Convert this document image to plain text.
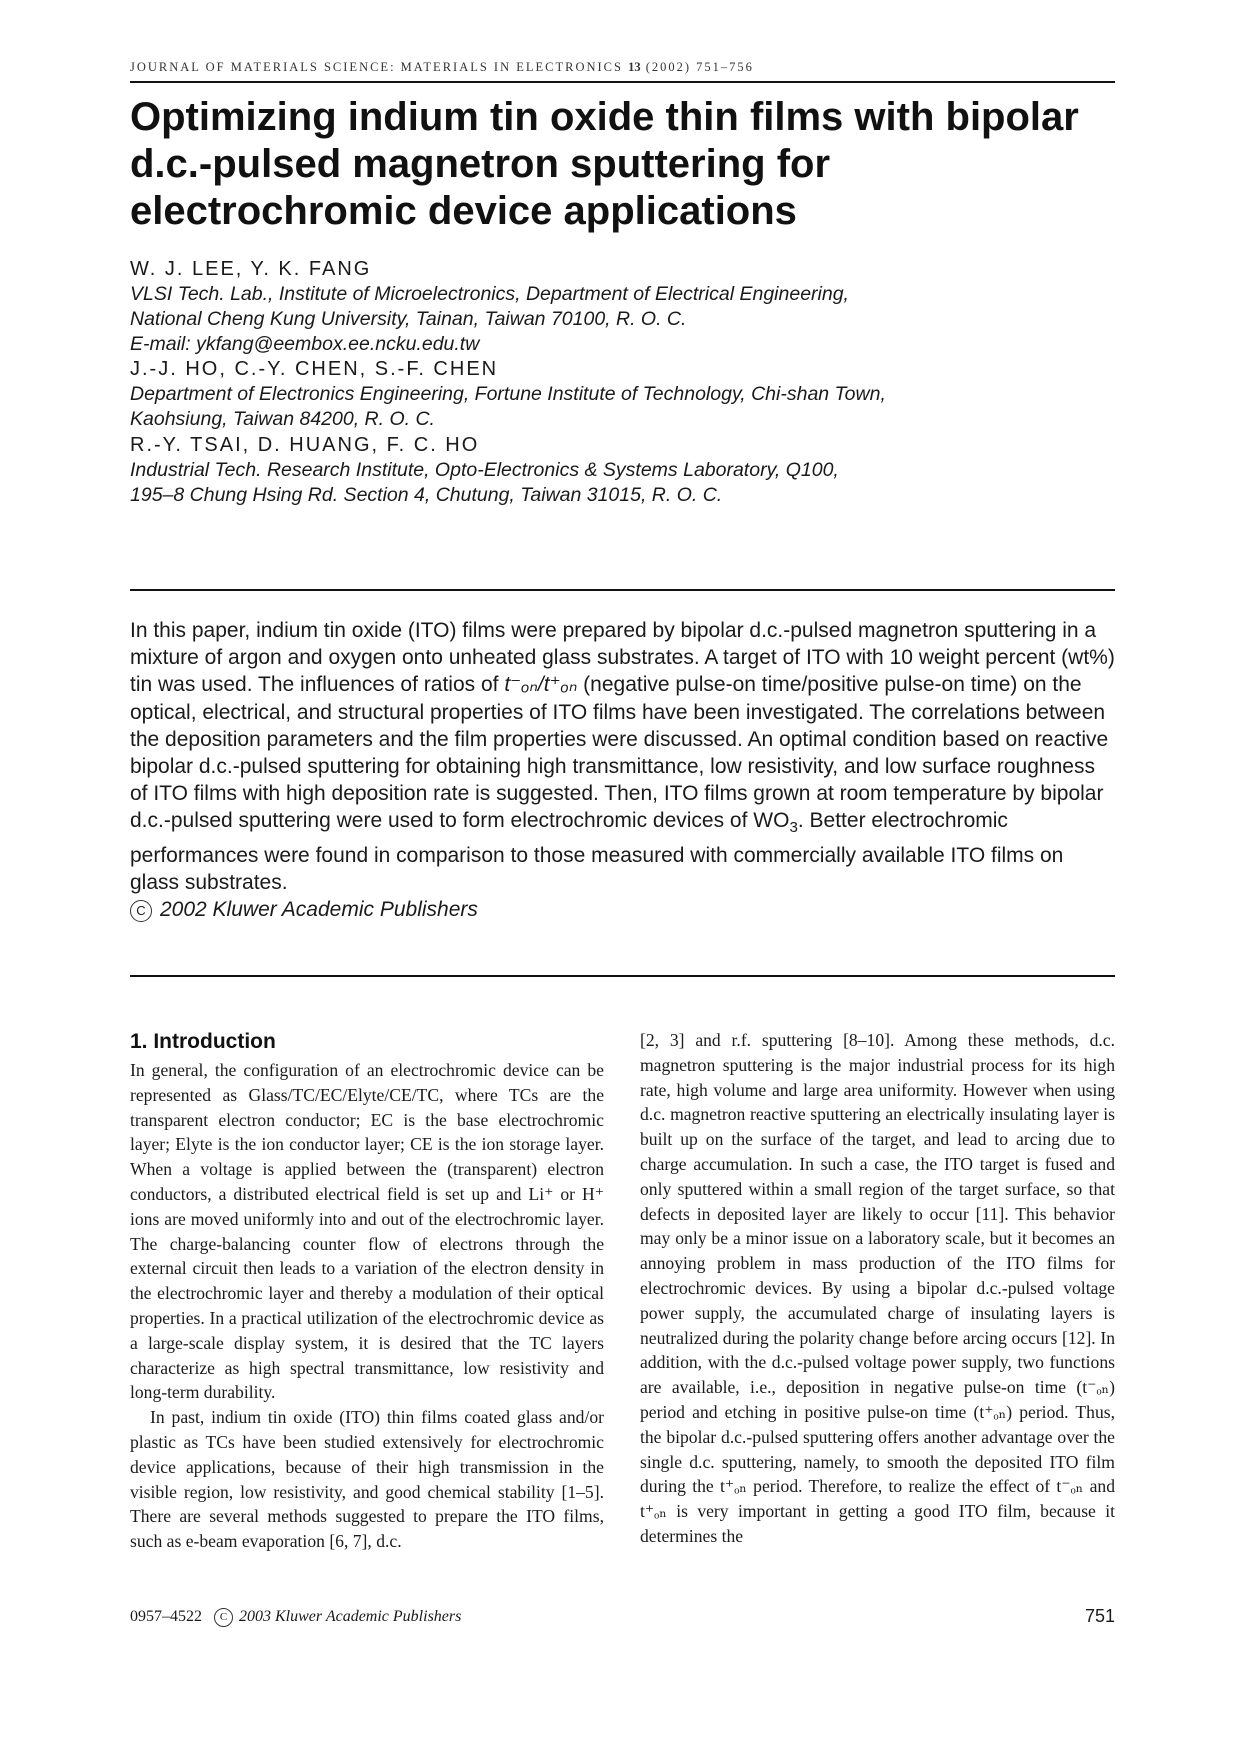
JOURNAL OF MATERIALS SCIENCE: MATERIALS IN ELECTRONICS 13 (2002) 751–756
Optimizing indium tin oxide thin films with bipolar d.c.-pulsed magnetron sputtering for electrochromic device applications
W. J. LEE, Y. K. FANG
VLSI Tech. Lab., Institute of Microelectronics, Department of Electrical Engineering,
National Cheng Kung University, Tainan, Taiwan 70100, R. O. C.
E-mail: ykfang@eembox.ee.ncku.edu.tw
J.-J. HO, C.-Y. CHEN, S.-F. CHEN
Department of Electronics Engineering, Fortune Institute of Technology, Chi-shan Town,
Kaohsiung, Taiwan 84200, R. O. C.
R.-Y. TSAI, D. HUANG, F. C. HO
Industrial Tech. Research Institute, Opto-Electronics & Systems Laboratory, Q100,
195–8 Chung Hsing Rd. Section 4, Chutung, Taiwan 31015, R. O. C.

In this paper, indium tin oxide (ITO) films were prepared by bipolar d.c.-pulsed magnetron sputtering in a mixture of argon and oxygen onto unheated glass substrates. A target of ITO with 10 weight percent (wt%) tin was used. The influences of ratios of t⁻ₒₙ/t⁺ₒₙ (negative pulse-on time/positive pulse-on time) on the optical, electrical, and structural properties of ITO films have been investigated. The correlations between the deposition parameters and the film properties were discussed. An optimal condition based on reactive bipolar d.c.-pulsed sputtering for obtaining high transmittance, low resistivity, and low surface roughness of ITO films with high deposition rate is suggested. Then, ITO films grown at room temperature by bipolar d.c.-pulsed sputtering were used to form electrochromic devices of $WO_3$. Better electrochromic performances were found in comparison to those measured with commercially available ITO films on glass substrates.

C 2002 Kluwer Academic Publishers

1. Introduction

In general, the configuration of an electrochromic device can be represented as Glass/TC/EC/Elyte/CE/TC, where TCs are the transparent electron conductor; EC is the base electrochromic layer; Elyte is the ion conductor layer; CE is the ion storage layer. When a voltage is applied between the (transparent) electron conductors, a distributed electrical field is set up and Li⁺ or H⁺ ions are moved uniformly into and out of the electrochromic layer. The charge-balancing counter flow of electrons through the external circuit then leads to a variation of the electron density in the electrochromic layer and thereby a modulation of their optical properties. In a practical utilization of the electrochromic device as a large-scale display system, it is desired that the TC layers characterize as high spectral transmittance, low resistivity and long-term durability.

In past, indium tin oxide (ITO) thin films coated glass and/or plastic as TCs have been studied extensively for electrochromic device applications, because of their high transmission in the visible region, low resistivity, and good chemical stability [1–5]. There are several methods suggested to prepare the ITO films, such as e-beam evaporation [6, 7], d.c.

[2, 3] and r.f. sputtering [8–10]. Among these methods, d.c. magnetron sputtering is the major industrial process for its high rate, high volume and large area uniformity. However when using d.c. magnetron reactive sputtering an electrically insulating layer is built up on the surface of the target, and lead to arcing due to charge accumulation. In such a case, the ITO target is fused and only sputtered within a small region of the target surface, so that defects in deposited layer are likely to occur [11]. This behavior may only be a minor issue on a laboratory scale, but it becomes an annoying problem in mass production of the ITO films for electrochromic devices. By using a bipolar d.c.-pulsed voltage power supply, the accumulated charge of insulating layers is neutralized during the polarity change before arcing occurs [12]. In addition, with the d.c.-pulsed voltage power supply, two functions are available, i.e., deposition in negative pulse-on time (t⁻ₒₙ) period and etching in positive pulse-on time (t⁺ₒₙ) period. Thus, the bipolar d.c.-pulsed sputtering offers another advantage over the single d.c. sputtering, namely, to smooth the deposited ITO film during the t⁺ₒₙ period. Therefore, to realize the effect of t⁻ₒₙ and t⁺ₒₙ is very important in getting a good ITO film, because it determines the

0957–4522 C 2003 Kluwer Academic Publishers	751
